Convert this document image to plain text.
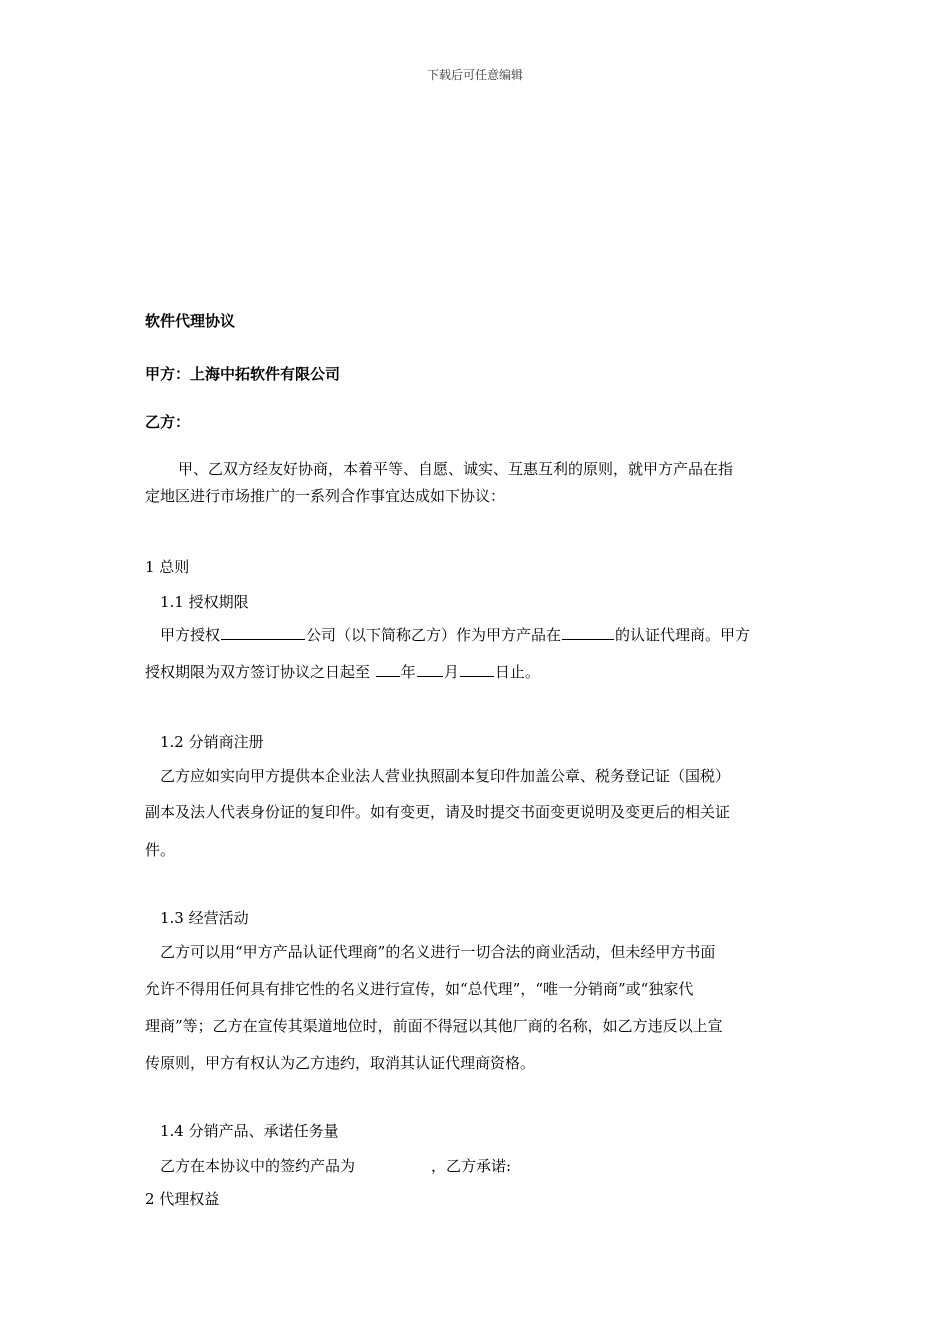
下载后可任意编辑
软件代理协议
甲方：上海中拓软件有限公司
乙方：
甲、乙双方经友好协商，本着平等、自愿、诚实、互惠互利的原则，就甲方产品在指
定地区进行市场推广的一系列合作事宜达成如下协议：
1 总则
1.1 授权期限
甲方授权	公司（以下简称乙方）作为甲方产品在	的认证代理商。甲方
授权期限为双方签订协议之日起至 年 月 日止。
1.2 分销商注册
乙方应如实向甲方提供本企业法人营业执照副本复印件加盖公章、税务登记证（国税）
副本及法人代表身份证的复印件。如有变更，请及时提交书面变更说明及变更后的相关证
件。
1.3 经营活动
乙方可以用“甲方产品认证代理商”的名义进行一切合法的商业活动，但未经甲方书面
允许不得用任何具有排它性的名义进行宣传，如“总代理”，“唯一分销商”或“独家代
理商”等；乙方在宣传其渠道地位时，前面不得冠以其他厂商的名称，如乙方违反以上宣
传原则，甲方有权认为乙方违约，取消其认证代理商资格。
1.4 分销产品、承诺任务量
乙方在本协议中的签约产品为	，乙方承诺:
2 代理权益
